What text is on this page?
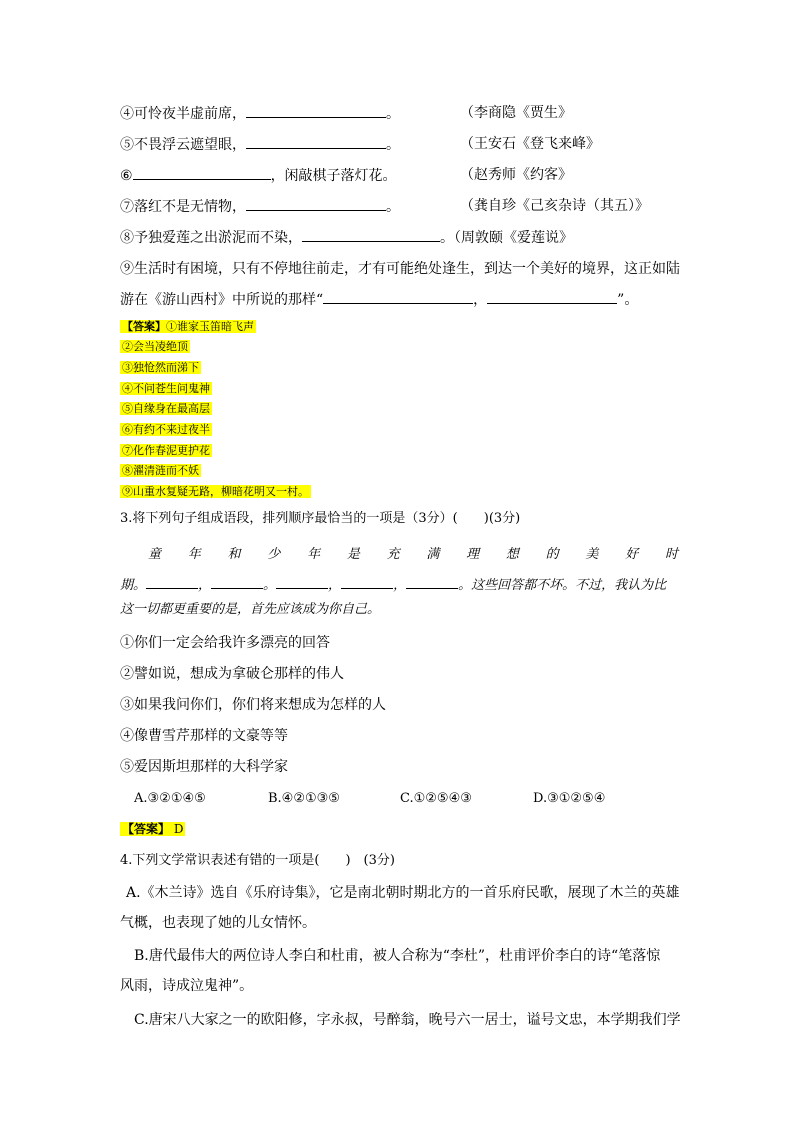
④可怜夜半虚前席，	。	（李商隐《贾生》
⑤不畏浮云遮望眼，	。	（王安石《登飞来峰》
⑥	，闲敲棋子落灯花。	（赵秀师《约客》
⑦落红不是无情物，	。	（龚自珍《己亥杂诗（其五）》
⑧予独爱莲之出淤泥而不染，	。（周敦颐《爱莲说》
⑨生活时有困境，只有不停地往前走，才有可能绝处逢生，到达一个美好的境界，这正如陆
游在《游山西村》中所说的那样“	，	”。
【答案】①谁家玉笛暗飞声
②会当凌绝顶
③独怆然而涕下
④不问苍生问鬼神
⑤自缘身在最高层
⑥有约不来过夜半
⑦化作春泥更护花
⑧濯清涟而不妖
⑨山重水复疑无路，柳暗花明又一村。
3.将下列句子组成语段，排列顺序最恰当的一项是（3分）(　　)(3分)
童 年 和 少 年 是 充 满 理 想 的 美 好 时
期。	，	。	，	，	。这些回答都不坏。不过，我认为比
这一切都更重要的是，首先应该成为你自己。
①你们一定会给我许多漂亮的回答
②譬如说，想成为拿破仑那样的伟人
③如果我问你们，你们将来想成为怎样的人
④像曹雪芹那样的文豪等等
⑤爱因斯坦那样的大科学家
A.③②①④⑤	B.④②①③⑤	C.①②⑤④③	D.③①②⑤④
【答案】 D
4.下列文学常识表述有错的一项是(　　)　(3分)
A.《木兰诗》选自《乐府诗集》，它是南北朝时期北方的一首乐府民歌，展现了木兰的英雄
气概，也表现了她的儿女情怀。
B.唐代最伟大的两位诗人李白和杜甫，被人合称为“李杜”，杜甫评价李白的诗“笔落惊
风雨，诗成泣鬼神”。
C.唐宋八大家之一的欧阳修，字永叔，号醉翁，晚号六一居士，谥号文忠，本学期我们学
